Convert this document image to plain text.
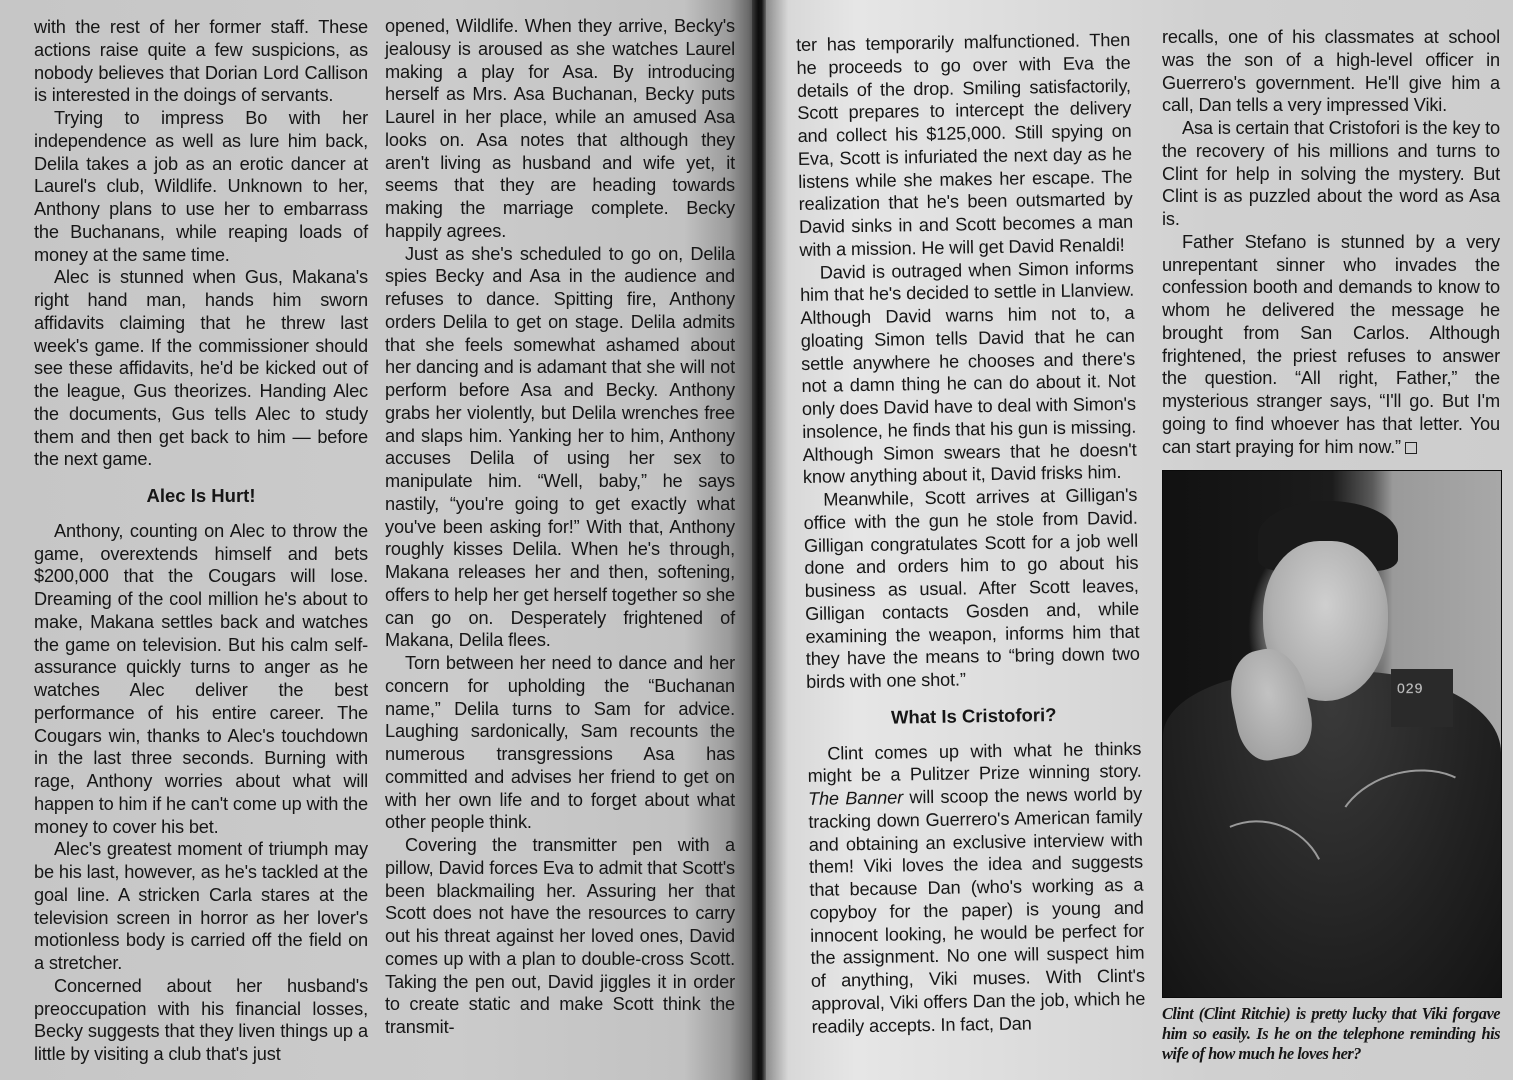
with the rest of her former staff. These actions raise quite a few suspicions, as nobody believes that Dorian Lord Callison is interested in the doings of servants.

Trying to impress Bo with her independence as well as lure him back, Delila takes a job as an erotic dancer at Laurel's club, Wildlife. Unknown to her, Anthony plans to use her to embarrass the Buchanans, while reaping loads of money at the same time.

Alec is stunned when Gus, Makana's right hand man, hands him sworn affidavits claiming that he threw last week's game. If the commissioner should see these affidavits, he'd be kicked out of the league, Gus theorizes. Handing Alec the documents, Gus tells Alec to study them and then get back to him — before the next game.

Alec Is Hurt!

Anthony, counting on Alec to throw the game, overextends himself and bets $200,000 that the Cougars will lose. Dreaming of the cool million he's about to make, Makana settles back and watches the game on television. But his calm self-assurance quickly turns to anger as he watches Alec deliver the best performance of his entire career. The Cougars win, thanks to Alec's touchdown in the last three seconds. Burning with rage, Anthony worries about what will happen to him if he can't come up with the money to cover his bet.

Alec's greatest moment of triumph may be his last, however, as he's tackled at the goal line. A stricken Carla stares at the television screen in horror as her lover's motionless body is carried off the field on a stretcher.

Concerned about her husband's preoccupation with his financial losses, Becky suggests that they liven things up a little by visiting a club that's just

opened, Wildlife. When they arrive, Becky's jealousy is aroused as she watches Laurel making a play for Asa. By introducing herself as Mrs. Asa Buchanan, Becky puts Laurel in her place, while an amused Asa looks on. Asa notes that although they aren't living as husband and wife yet, it seems that they are heading towards making the marriage complete. Becky happily agrees.

Just as she's scheduled to go on, Delila spies Becky and Asa in the audience and refuses to dance. Spitting fire, Anthony orders Delila to get on stage. Delila admits that she feels somewhat ashamed about her dancing and is adamant that she will not perform before Asa and Becky. Anthony grabs her violently, but Delila wrenches free and slaps him. Yanking her to him, Anthony accuses Delila of using her sex to manipulate him. “Well, baby,” he says nastily, “you're going to get exactly what you've been asking for!” With that, Anthony roughly kisses Delila. When he's through, Makana releases her and then, softening, offers to help her get herself together so she can go on. Desperately frightened of Makana, Delila flees.

Torn between her need to dance and her concern for upholding the “Buchanan name,” Delila turns to Sam for advice. Laughing sardonically, Sam recounts the numerous transgressions Asa has committed and advises her friend to get on with her own life and to forget about what other people think.

Covering the transmitter pen with a pillow, David forces Eva to admit that Scott's been blackmailing her. Assuring her that Scott does not have the resources to carry out his threat against her loved ones, David comes up with a plan to double-cross Scott. Taking the pen out, David jiggles it in order to create static and make Scott think the transmit-

ter has temporarily malfunctioned. Then he proceeds to go over with Eva the details of the drop. Smiling satisfactorily, Scott prepares to intercept the delivery and collect his $125,000. Still spying on Eva, Scott is infuriated the next day as he listens while she makes her escape. The realization that he's been outsmarted by David sinks in and Scott becomes a man with a mission. He will get David Renaldi!

David is outraged when Simon informs him that he's decided to settle in Llanview. Although David warns him not to, a gloating Simon tells David that he can settle anywhere he chooses and there's not a damn thing he can do about it. Not only does David have to deal with Simon's insolence, he finds that his gun is missing. Although Simon swears that he doesn't know anything about it, David frisks him.

Meanwhile, Scott arrives at Gilligan's office with the gun he stole from David. Gilligan congratulates Scott for a job well done and orders him to go about his business as usual. After Scott leaves, Gilligan contacts Gosden and, while examining the weapon, informs him that they have the means to “bring down two birds with one shot.”

What Is Cristofori?

Clint comes up with what he thinks might be a Pulitzer Prize winning story. The Banner will scoop the news world by tracking down Guerrero's American family and obtaining an exclusive interview with them! Viki loves the idea and suggests that because Dan (who's working as a copyboy for the paper) is young and innocent looking, he would be perfect for the assignment. No one will suspect him of anything, Viki muses. With Clint's approval, Viki offers Dan the job, which he readily accepts. In fact, Dan

recalls, one of his classmates at school was the son of a high-level officer in Guerrero's government. He'll give him a call, Dan tells a very impressed Viki.

Asa is certain that Cristofori is the key to the recovery of his millions and turns to Clint for help in solving the mystery. But Clint is as puzzled about the word as Asa is.

Father Stefano is stunned by a very unrepentant sinner who invades the confession booth and demands to know to whom he delivered the message he brought from San Carlos. Although frightened, the priest refuses to answer the question. “All right, Father,” the mysterious stranger says, “I'll go. But I'm going to find whoever has that letter. You can start praying for him now.”

029
Clint (Clint Ritchie) is pretty lucky that Viki forgave him so easily. Is he on the telephone reminding his wife of how much he loves her?
